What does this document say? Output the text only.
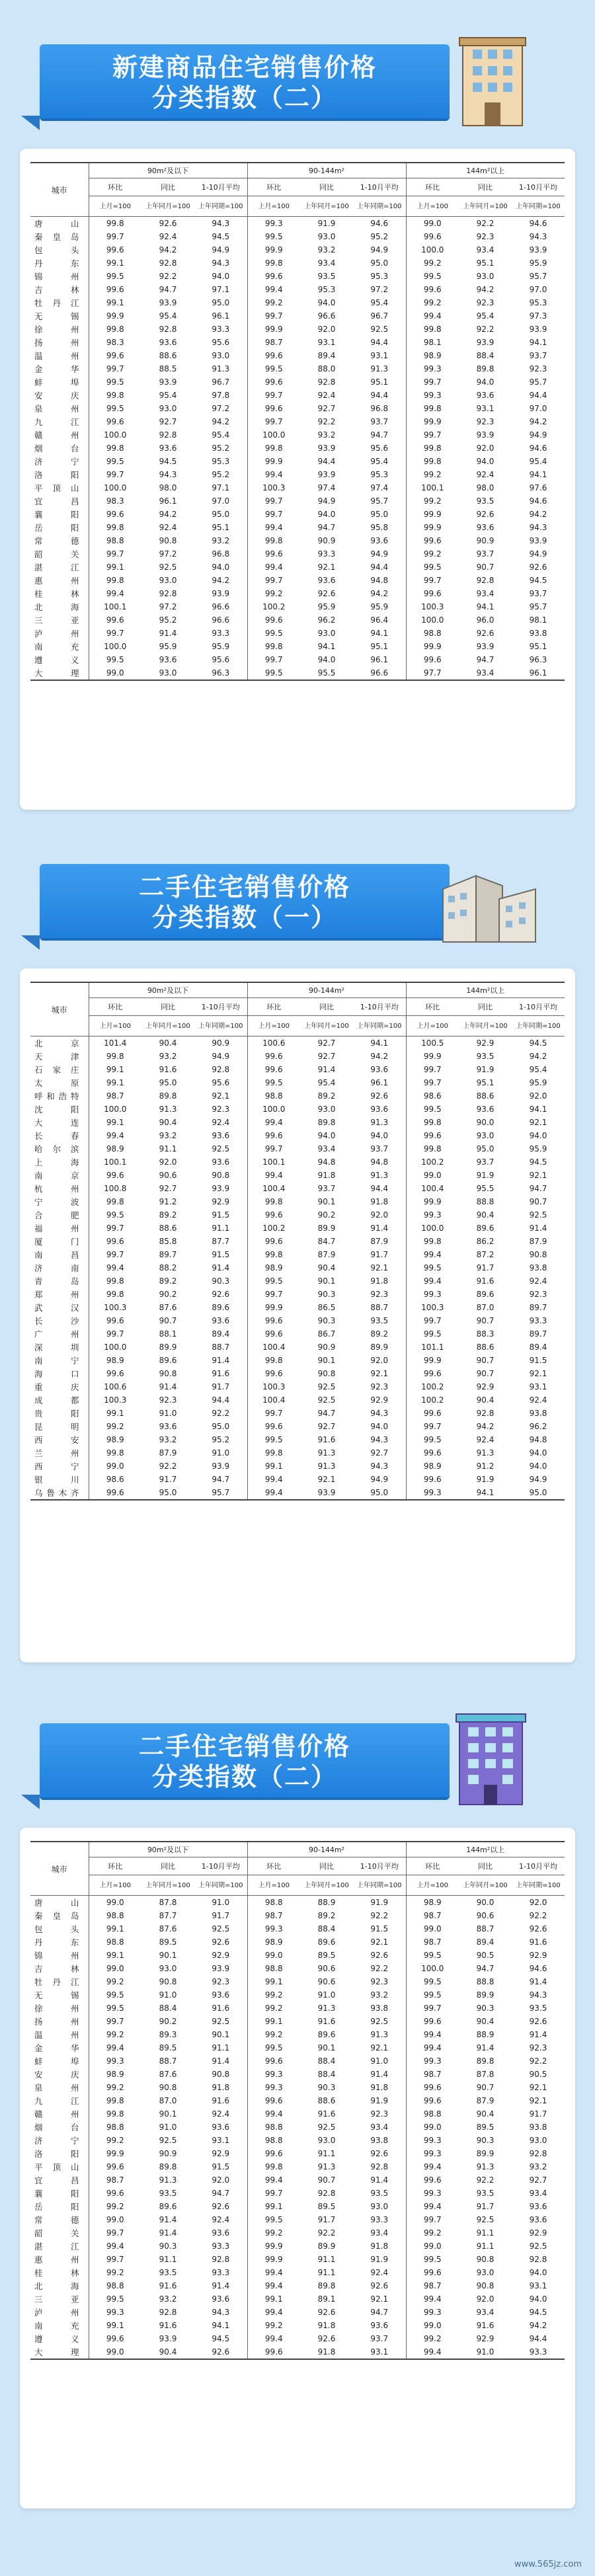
新建商品住宅销售价格
分类指数（二）
城市	90m²及以下			90-144m²			144m²以上		
	环比	同比	1-10月平均	环比	同比	1-10月平均	环比	同比	1-10月平均
	上月=100	上年同月=100	上年同期=100	上月=100	上年同月=100	上年同期=100	上月=100	上年同月=100	上年同期=100
唐山	99.8	92.6	94.3	99.3	91.9	94.6	99.0	92.2	94.6
秦皇岛	99.7	92.4	94.5	99.5	93.0	95.2	99.6	92.3	94.3
包头	99.6	94.2	94.9	99.9	93.2	94.9	100.0	93.4	93.9
丹东	99.1	92.8	94.3	99.8	93.4	95.0	99.2	95.1	95.9
锦州	99.5	92.2	94.0	99.6	93.5	95.3	99.5	93.0	95.7
吉林	99.6	94.7	97.1	99.4	95.3	97.2	99.6	94.2	97.0
牡丹江	99.1	93.9	95.0	99.2	94.0	95.4	99.2	92.3	95.3
无锡	99.9	95.4	96.1	99.7	96.6	96.7	99.4	95.4	97.3
徐州	99.8	92.8	93.3	99.9	92.0	92.5	99.8	92.2	93.9
扬州	98.3	93.6	95.6	98.7	93.1	94.4	98.1	93.9	94.1
温州	99.6	88.6	93.0	99.6	89.4	93.1	98.9	88.4	93.7
金华	99.7	88.5	91.3	99.5	88.0	91.3	99.3	89.8	92.3
蚌埠	99.5	93.9	96.7	99.6	92.8	95.1	99.7	94.0	95.7
安庆	99.8	95.4	97.8	99.7	92.4	94.4	99.3	93.6	94.4
泉州	99.5	93.0	97.2	99.6	92.7	96.8	99.8	93.1	97.0
九江	99.6	92.7	94.2	99.7	92.2	93.7	99.9	92.3	94.2
赣州	100.0	92.8	95.4	100.0	93.2	94.7	99.7	93.9	94.9
烟台	99.8	93.6	95.2	99.8	93.9	95.6	99.8	92.0	94.6
济宁	99.5	94.5	95.3	99.9	94.4	95.4	99.8	94.0	95.4
洛阳	99.7	94.3	95.2	99.4	93.9	95.3	99.2	92.4	94.1
平顶山	100.0	98.0	97.1	100.3	97.4	97.4	100.1	98.0	97.6
宜昌	98.3	96.1	97.0	99.7	94.9	95.7	99.2	93.5	94.6
襄阳	99.6	94.2	95.0	99.7	94.0	95.0	99.9	92.6	94.2
岳阳	99.8	92.4	95.1	99.4	94.7	95.8	99.9	93.6	94.3
常德	98.8	90.8	93.2	99.8	90.9	93.6	99.6	90.9	93.9
韶关	99.7	97.2	96.8	99.6	93.3	94.9	99.2	93.7	94.9
湛江	99.1	92.5	94.0	99.4	92.1	94.4	99.5	90.7	92.6
惠州	99.8	93.0	94.2	99.7	93.6	94.8	99.7	92.8	94.5
桂林	99.4	92.8	93.9	99.2	92.6	94.2	99.6	93.4	93.7
北海	100.1	97.2	96.6	100.2	95.9	95.9	100.3	94.1	95.7
三亚	99.6	95.2	96.6	99.6	96.2	96.4	100.0	96.0	98.1
泸州	99.7	91.4	93.3	99.5	93.0	94.1	98.8	92.6	93.8
南充	100.0	95.9	95.9	99.8	94.1	95.1	99.9	93.9	95.1
遵义	99.5	93.6	95.6	99.7	94.0	96.1	99.6	94.7	96.3
大理	99.0	93.0	96.3	99.5	95.5	96.6	97.7	93.4	96.1
二手住宅销售价格
分类指数（一）
城市	90m²及以下			90-144m²			144m²以上		
	环比	同比	1-10月平均	环比	同比	1-10月平均	环比	同比	1-10月平均
	上月=100	上年同月=100	上年同期=100	上月=100	上年同月=100	上年同期=100	上月=100	上年同月=100	上年同期=100
北京	101.4	90.4	90.9	100.6	92.7	94.1	100.5	92.9	94.5
天津	99.8	93.2	94.9	99.6	92.7	94.2	99.9	93.5	94.2
石家庄	99.1	91.6	92.8	99.6	91.4	93.6	99.7	91.9	95.4
太原	99.1	95.0	95.6	99.5	95.4	96.1	99.7	95.1	95.9
呼和浩特	98.7	89.8	92.1	98.8	89.2	92.6	98.6	88.6	92.0
沈阳	100.0	91.3	92.3	100.0	93.0	93.6	99.5	93.6	94.1
大连	99.1	90.4	92.4	99.4	89.8	91.3	99.8	90.0	92.1
长春	99.4	93.2	93.6	99.6	94.0	94.0	99.6	93.0	94.0
哈尔滨	98.9	91.1	92.5	99.7	93.4	93.7	99.8	95.0	95.9
上海	100.1	92.0	93.6	100.1	94.8	94.8	100.2	93.7	94.5
南京	99.6	90.6	90.8	99.4	91.8	91.3	99.0	91.9	92.1
杭州	100.8	92.7	93.9	100.4	93.7	94.4	100.4	95.5	94.7
宁波	99.8	91.2	92.9	99.8	90.1	91.8	99.9	88.8	90.7
合肥	99.5	89.2	91.5	99.6	90.2	92.0	99.3	90.4	92.5
福州	99.7	88.6	91.1	100.2	89.9	91.4	100.0	89.6	91.4
厦门	99.6	85.8	87.7	99.6	84.7	87.9	99.8	86.2	87.9
南昌	99.7	89.7	91.5	99.8	87.9	91.7	99.4	87.2	90.8
济南	99.4	88.2	91.4	98.9	90.4	92.1	99.5	91.7	93.8
青岛	99.8	89.2	90.3	99.5	90.1	91.8	99.4	91.6	92.4
郑州	99.8	90.2	92.6	99.7	90.3	92.3	99.3	89.6	92.3
武汉	100.3	87.6	89.6	99.9	86.5	88.7	100.3	87.0	89.7
长沙	99.6	90.7	93.6	99.6	90.3	93.5	99.7	90.7	93.3
广州	99.7	88.1	89.4	99.6	86.7	89.2	99.5	88.3	89.7
深圳	100.0	89.9	88.7	100.4	90.9	89.9	101.1	88.6	89.4
南宁	98.9	89.6	91.4	99.8	90.1	92.0	99.9	90.7	91.5
海口	99.6	90.8	91.6	99.6	90.8	92.1	99.6	90.7	92.1
重庆	100.6	91.4	91.7	100.3	92.5	92.3	100.2	92.9	93.1
成都	100.3	92.3	94.4	100.4	92.5	92.9	100.2	90.4	92.4
贵阳	99.1	91.0	92.2	99.7	94.7	94.3	99.6	92.8	93.8
昆明	99.2	93.6	95.0	99.6	92.7	94.0	99.7	94.2	96.2
西安	98.9	93.2	95.2	99.5	91.6	94.3	99.5	92.4	94.8
兰州	99.8	87.9	91.0	99.8	91.3	92.7	99.6	91.3	94.0
西宁	99.0	92.2	93.9	99.1	91.3	94.3	98.9	91.2	94.0
银川	98.6	91.7	94.7	99.4	92.1	94.9	99.6	91.9	94.9
乌鲁木齐	99.6	95.0	95.7	99.4	93.9	95.0	99.3	94.1	95.0
二手住宅销售价格
分类指数（二）
城市	90m²及以下			90-144m²			144m²以上		
	环比	同比	1-10月平均	环比	同比	1-10月平均	环比	同比	1-10月平均
	上月=100	上年同月=100	上年同期=100	上月=100	上年同月=100	上年同期=100	上月=100	上年同月=100	上年同期=100
唐山	99.0	87.8	91.0	98.8	88.9	91.9	98.9	90.0	92.0
秦皇岛	98.8	87.7	91.7	98.7	89.2	92.2	98.7	90.6	92.2
包头	99.1	87.6	92.5	99.3	88.4	91.5	99.0	88.7	92.6
丹东	98.8	89.5	92.6	98.9	89.6	92.1	98.7	89.4	91.6
锦州	99.1	90.1	92.9	99.0	89.5	92.6	99.5	90.5	92.9
吉林	99.0	93.0	93.9	98.8	90.6	92.2	100.0	94.7	94.6
牡丹江	99.2	90.8	92.3	99.1	90.6	92.3	99.5	88.8	91.4
无锡	99.5	91.0	93.6	99.2	91.0	93.2	99.5	89.9	94.3
徐州	99.5	88.4	91.6	99.2	91.3	93.8	99.7	90.3	93.5
扬州	99.7	90.2	92.5	99.1	91.6	92.5	99.6	90.4	92.6
温州	99.2	89.3	90.1	99.2	89.6	91.3	99.4	88.9	91.4
金华	99.4	89.5	91.1	99.5	90.1	92.1	99.4	91.4	92.3
蚌埠	99.3	88.7	91.4	99.6	88.4	91.0	99.3	89.8	92.2
安庆	98.9	87.6	90.8	99.3	88.4	91.4	98.7	87.8	90.5
泉州	99.2	90.8	91.8	99.3	90.3	91.8	99.6	90.7	92.1
九江	99.8	87.0	91.6	99.6	88.6	91.9	99.6	87.9	92.1
赣州	99.8	90.1	92.4	99.4	91.6	92.3	98.8	90.4	91.7
烟台	98.8	91.0	93.6	98.8	92.5	93.4	99.0	89.5	93.8
济宁	99.2	92.5	93.1	98.8	93.0	93.8	99.3	90.3	93.0
洛阳	99.9	90.9	92.9	99.6	91.1	92.6	99.3	89.9	92.8
平顶山	99.6	89.8	91.5	99.8	91.3	92.8	99.4	91.3	93.2
宜昌	98.7	91.3	92.0	99.4	90.7	91.4	99.6	92.2	92.7
襄阳	99.6	93.5	94.7	99.7	92.8	93.5	99.3	93.5	93.4
岳阳	99.2	89.6	92.6	99.1	89.5	93.0	99.4	91.7	93.6
常德	99.0	91.4	92.4	99.5	91.7	93.3	99.7	92.5	93.6
韶关	99.7	91.4	93.6	99.2	92.2	93.4	99.2	91.1	92.9
湛江	99.4	90.3	93.3	99.9	89.9	91.8	99.0	91.1	92.5
惠州	99.7	91.1	92.8	99.9	91.1	91.9	99.5	90.8	92.8
桂林	99.2	93.5	93.3	99.4	91.1	92.4	99.6	93.0	94.0
北海	98.8	91.6	91.4	99.4	89.8	92.6	98.7	90.8	93.1
三亚	99.5	93.2	93.6	99.1	89.1	92.1	99.4	92.0	94.0
泸州	99.3	92.8	94.3	99.4	92.6	94.7	99.3	93.4	94.5
南充	99.1	91.6	94.1	99.2	91.8	93.6	99.0	91.6	94.2
遵义	99.6	93.9	94.5	99.4	92.6	93.7	99.2	92.9	94.4
大理	99.0	90.4	92.6	99.6	91.8	93.1	99.4	91.0	93.3
www.565jz.com
